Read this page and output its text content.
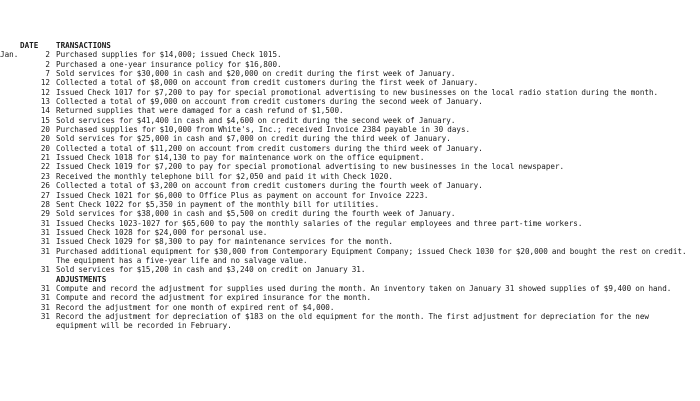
DATE	TRANSACTIONS
Jan.	2 Purchased supplies for $14,000; issued Check 1015.
2 Purchased a one-year insurance policy for $16,800.
7 Sold services for $30,000 in cash and $20,000 on credit during the first week of January.
12 Collected a total of $8,000 on account from credit customers during the first week of January.
12 Issued Check 1017 for $7,200 to pay for special promotional advertising to new businesses on the local radio station during the month.
13 Collected a total of $9,000 on account from credit customers during the second week of January.
14 Returned supplies that were damaged for a cash refund of $1,500.
15 Sold services for $41,400 in cash and $4,600 on credit during the second week of January.
20 Purchased supplies for $10,000 from White's, Inc.; received Invoice 2384 payable in 30 days.
20 Sold services for $25,000 in cash and $7,000 on credit during the third week of January.
20 Collected a total of $11,200 on account from credit customers during the third week of January.
21 Issued Check 1018 for $14,130 to pay for maintenance work on the office equipment.
22 Issued Check 1019 for $7,200 to pay for special promotional advertising to new businesses in the local newspaper.
23 Received the monthly telephone bill for $2,050 and paid it with Check 1020.
26 Collected a total of $3,200 on account from credit customers during the fourth week of January.
27 Issued Check 1021 for $6,000 to Office Plus as payment on account for Invoice 2223.
28 Sent Check 1022 for $5,350 in payment of the monthly bill for utilities.
29 Sold services for $38,000 in cash and $5,500 on credit during the fourth week of January.
31 Issued Checks 1023-1027 for $65,600 to pay the monthly salaries of the regular employees and three part-time workers.
31 Issued Check 1028 for $24,000 for personal use.
31 Issued Check 1029 for $8,300 to pay for maintenance services for the month.
31 Purchased additional equipment for $30,000 from Contemporary Equipment Company; issued Check 1030 for $20,000 and bought the rest on credit. The equipment has a five-year life and no salvage value.
31 Sold services for $15,200 in cash and $3,240 on credit on January 31.
ADJUSTMENTS
31 Compute and record the adjustment for supplies used during the month. An inventory taken on January 31 showed supplies of $9,400 on hand.
31 Compute and record the adjustment for expired insurance for the month.
31 Record the adjustment for one month of expired rent of $4,000.
31 Record the adjustment for depreciation of $183 on the old equipment for the month. The first adjustment for depreciation for the new equipment will be recorded in February.
